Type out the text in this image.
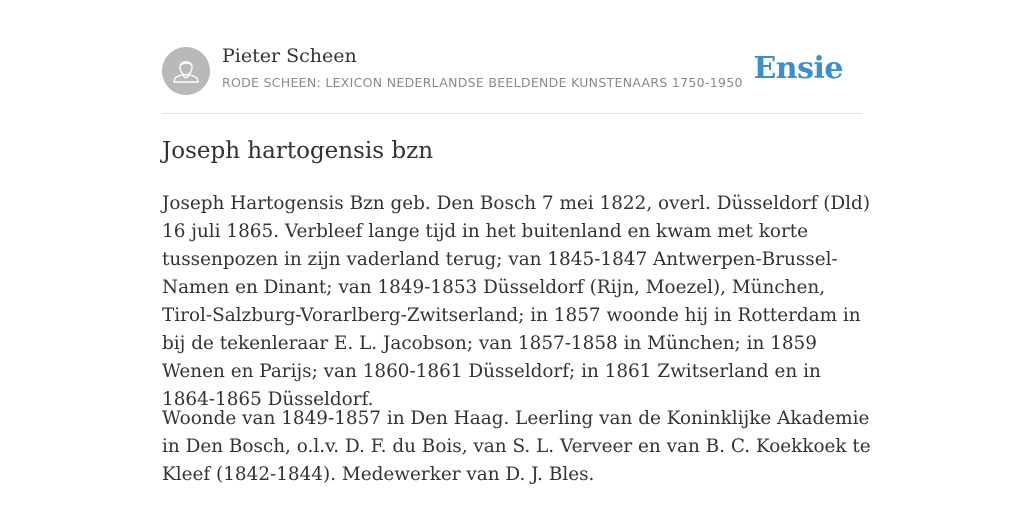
Pieter Scheen
RODE SCHEEN: LEXICON NEDERLANDSE BEELDENDE KUNSTENAARS 1750-1950 Ensie
Joseph hartogensis bzn

Joseph Hartogensis Bzn geb. Den Bosch 7 mei 1822, overl. Düsseldorf (Dld) 16 juli 1865. Verbleef lange tijd in het buitenland en kwam met korte tussenpozen in zijn vaderland terug; van 1845-1847 Antwerpen-Brussel-Namen en Dinant; van 1849-1853 Düsseldorf (Rijn, Moezel), München, Tirol-Salzburg-Vorarlberg-Zwitserland; in 1857 woonde hij in Rotterdam in bij de tekenleraar E. L. Jacobson; van 1857-1858 in München; in 1859 Wenen en Parijs; van 1860-1861 Düsseldorf; in 1861 Zwitserland en in 1864-1865 Düsseldorf.

Woonde van 1849-1857 in Den Haag. Leerling van de Koninklijke Akademie in Den Bosch, o.l.v. D. F. du Bois, van S. L. Verveer en van B. C. Koekkoek te Kleef (1842-1844). Medewerker van D. J. Bles.
